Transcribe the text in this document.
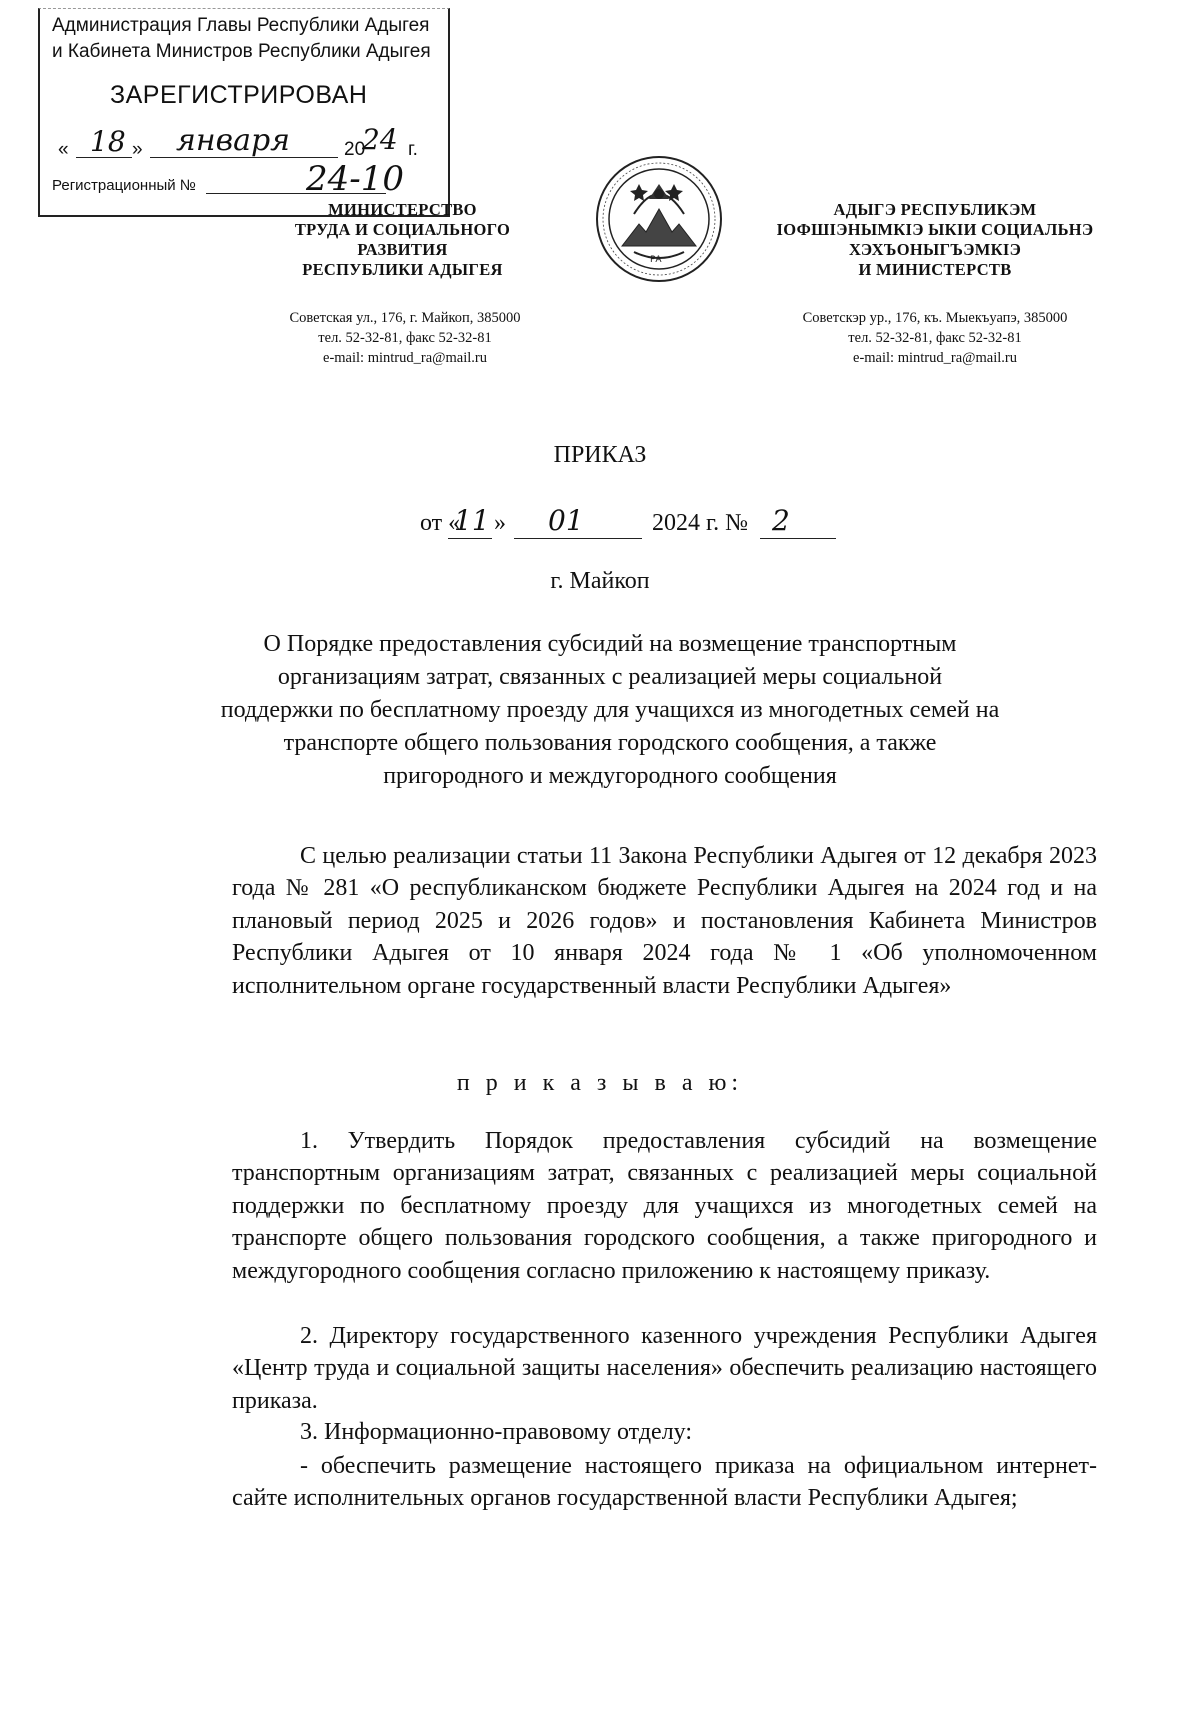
Администрация Главы Республики Адыгея
и Кабинета Министров Республики Адыгея
ЗАРЕГИСТРИРОВАН
« 18 » января	20
24 г.
Регистрационный №	24-10
МИНИСТЕРСТВО
ТРУДА И СОЦИАЛЬНОГО
РАЗВИТИЯ
РЕСПУБЛИКИ АДЫГЕЯ
Советская ул., 176, г. Майкоп, 385000
тел. 52-32-81, факс 52-32-81
e-mail: mintrud_ra@mail.ru
РА
АДЫГЭ РЕСПУБЛИКЭМ
IОФШIЭНЫМКIЭ ЫКIИ СОЦИАЛЬНЭ
ХЭХЪОНЫГЪЭМКIЭ
И МИНИСТЕРСТВ
Советскэр ур., 176, къ. Мыекъуапэ, 385000
тел. 52-32-81, факс 52-32-81
e-mail: mintrud_ra@mail.ru
ПРИКАЗ
от «
11 » 01	2024 г. № 2
г. Майкоп
О Порядке предоставления субсидий на возмещение транспортным организациям затрат, связанных с реализацией меры социальной поддержки по бесплатному проезду для учащихся из многодетных семей на транспорте общего пользования городского сообщения, а также пригородного и междугородного сообщения
С целью реализации статьи 11 Закона Республики Адыгея от 12 декабря 2023 года № 281 «О республиканском бюджете Республики Адыгея на 2024 год и на плановый период 2025 и 2026 годов» и постановления Кабинета Министров Республики Адыгея от 10 января 2024 года № 1 «Об уполномоченном исполнительном органе государственный власти Республики Адыгея»
п р и к а з ы в а ю:
1. Утвердить Порядок предоставления субсидий на возмещение транспортным организациям затрат, связанных с реализацией меры социальной поддержки по бесплатному проезду для учащихся из многодетных семей на транспорте общего пользования городского сообщения, а также пригородного и междугородного сообщения согласно приложению к настоящему приказу.
2. Директору государственного казенного учреждения Республики Адыгея «Центр труда и социальной защиты населения» обеспечить реализацию настоящего приказа.
3. Информационно-правовому отделу:
- обеспечить размещение настоящего приказа на официальном интернет-сайте исполнительных органов государственной власти Республики Адыгея;
